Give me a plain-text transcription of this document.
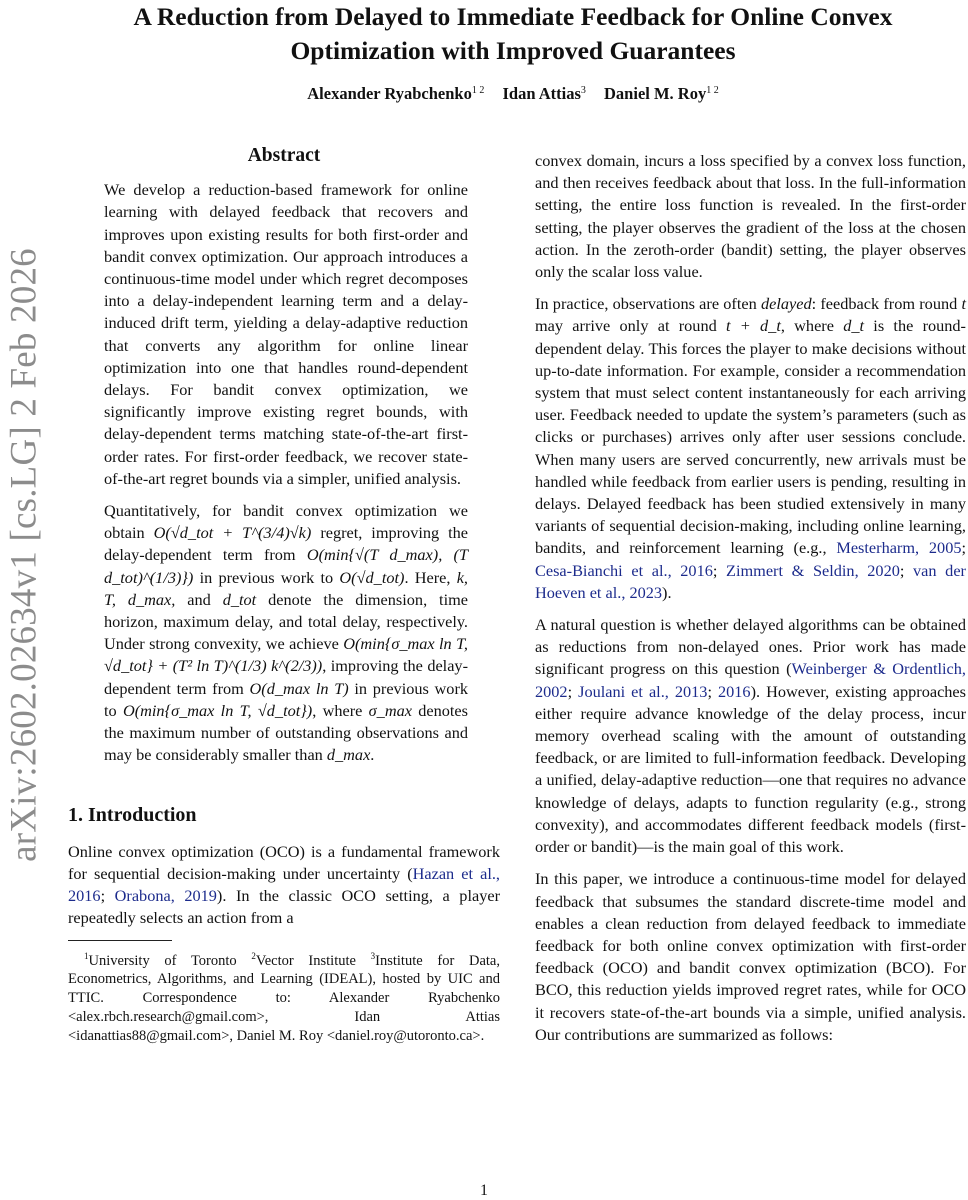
arXiv:2602.02634v1 [cs.LG] 2 Feb 2026
A Reduction from Delayed to Immediate Feedback for Online Convex
Optimization with Improved Guarantees
Alexander Ryabchenko$^{1 2}$ Idan Attias$^3$ Daniel M. Roy$^{1 2}$
Abstract

We develop a reduction-based framework for online learning with delayed feedback that recovers and improves upon existing results for both first-order and bandit convex optimization. Our approach introduces a continuous-time model under which regret decomposes into a delay-independent learning term and a delay-induced drift term, yielding a delay-adaptive reduction that converts any algorithm for online linear optimization into one that handles round-dependent delays. For bandit convex optimization, we significantly improve existing regret bounds, with delay-dependent terms matching state-of-the-art first-order rates. For first-order feedback, we recover state-of-the-art regret bounds via a simpler, unified analysis.

Quantitatively, for bandit convex optimization we obtain O(√d_tot + T^(3/4)√k) regret, improving the delay-dependent term from O(min{√(T d_max), (T d_tot)^(1/3)}) in previous work to O(√d_tot). Here, k, T, d_max, and d_tot denote the dimension, time horizon, maximum delay, and total delay, respectively. Under strong convexity, we achieve O(min{σ_max ln T, √d_tot} + (T² ln T)^(1/3) k^(2/3)), improving the delay-dependent term from O(d_max ln T) in previous work to O(min{σ_max ln T, √d_tot}), where σ_max denotes the maximum number of outstanding observations and may be considerably smaller than d_max.

1. Introduction

Online convex optimization (OCO) is a fundamental framework for sequential decision-making under uncertainty (Hazan et al., 2016; Orabona, 2019). In the classic OCO setting, a player repeatedly selects an action from a

$^1$University of Toronto $^2$Vector Institute $^3$Institute for Data, Econometrics, Algorithms, and Learning (IDEAL), hosted by UIC and TTIC. Correspondence to: Alexander Ryabchenko <alex.rbch.research@gmail.com>, Idan Attias <idanattias88@gmail.com>, Daniel M. Roy <daniel.roy@utoronto.ca>.

convex domain, incurs a loss specified by a convex loss function, and then receives feedback about that loss. In the full-information setting, the entire loss function is revealed. In the first-order setting, the player observes the gradient of the loss at the chosen action. In the zeroth-order (bandit) setting, the player observes only the scalar loss value.

In practice, observations are often delayed: feedback from round t may arrive only at round t + d_t, where d_t is the round-dependent delay. This forces the player to make decisions without up-to-date information. For example, consider a recommendation system that must select content instantaneously for each arriving user. Feedback needed to update the system’s parameters (such as clicks or purchases) arrives only after user sessions conclude. When many users are served concurrently, new arrivals must be handled while feedback from earlier users is pending, resulting in delays. Delayed feedback has been studied extensively in many variants of sequential decision-making, including online learning, bandits, and reinforcement learning (e.g., Mesterharm, 2005; Cesa-Bianchi et al., 2016; Zimmert & Seldin, 2020; van der Hoeven et al., 2023).

A natural question is whether delayed algorithms can be obtained as reductions from non-delayed ones. Prior work has made significant progress on this question (Weinberger & Ordentlich, 2002; Joulani et al., 2013; 2016). However, existing approaches either require advance knowledge of the delay process, incur memory overhead scaling with the amount of outstanding feedback, or are limited to full-information feedback. Developing a unified, delay-adaptive reduction—one that requires no advance knowledge of delays, adapts to function regularity (e.g., strong convexity), and accommodates different feedback models (first-order or bandit)—is the main goal of this work.

In this paper, we introduce a continuous-time model for delayed feedback that subsumes the standard discrete-time model and enables a clean reduction from delayed feedback to immediate feedback for both online convex optimization with first-order feedback (OCO) and bandit convex optimization (BCO). For BCO, this reduction yields improved regret rates, while for OCO it recovers state-of-the-art bounds via a simple, unified analysis. Our contributions are summarized as follows:

1
